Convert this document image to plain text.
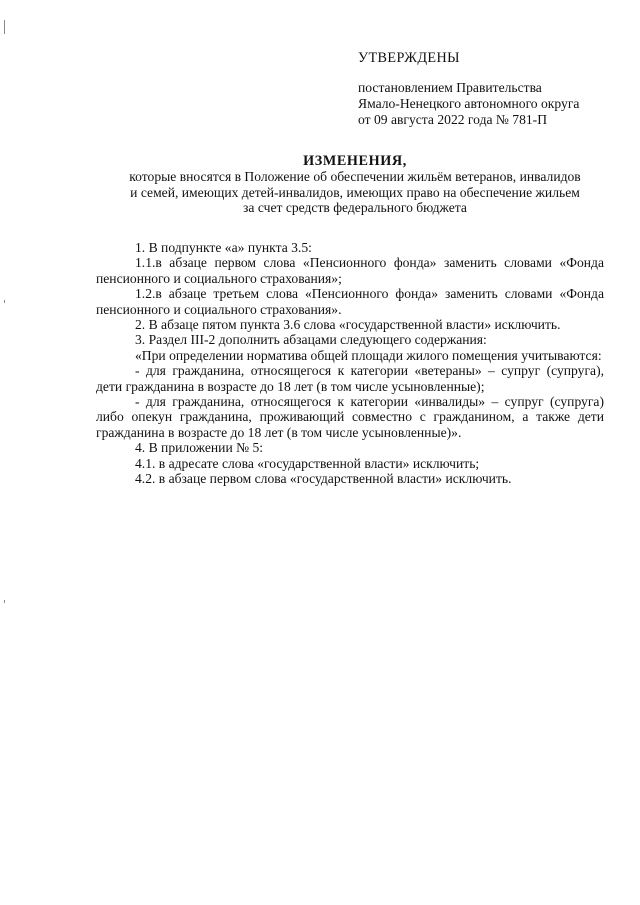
УТВЕРЖДЕНЫ
постановлением Правительства
Ямало-Ненецкого автономного округа
от 09 августа 2022 года № 781-П
ИЗМЕНЕНИЯ,
которые вносятся в Положение об обеспечении жильём ветеранов, инвалидов
и семей, имеющих детей-инвалидов, имеющих право на обеспечение жильем
за счет средств федерального бюджета

1. В подпункте «а» пункта 3.5:

1.1.в абзаце первом слова «Пенсионного фонда» заменить словами «Фонда пенсионного и социального страхования»;

1.2.в абзаце третьем слова «Пенсионного фонда» заменить словами «Фонда пенсионного и социального страхования».

2. В абзаце пятом пункта 3.6 слова «государственной власти» исключить.

3. Раздел III-2 дополнить абзацами следующего содержания:

«При определении норматива общей площади жилого помещения учитываются:

- для гражданина, относящегося к категории «ветераны» – супруг (супруга), дети гражданина в возрасте до 18 лет (в том числе усыновленные);

- для гражданина, относящегося к категории «инвалиды» – супруг (супруга) либо опекун гражданина, проживающий совместно с гражданином, а также дети гражданина в возрасте до 18 лет (в том числе усыновленные)».

4. В приложении № 5:

4.1. в адресате слова «государственной власти» исключить;

4.2. в абзаце первом слова «государственной власти» исключить.
